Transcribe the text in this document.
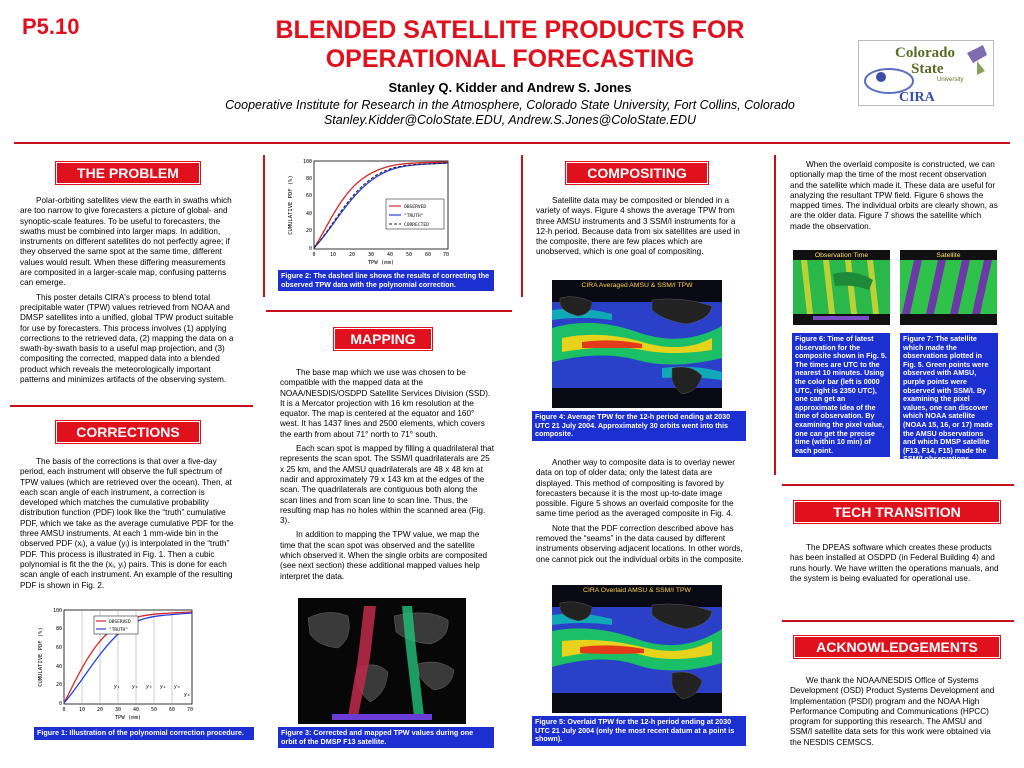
P5.10	BLENDED SATELLITE PRODUCTS FOR
OPERATIONAL FORECASTING
Stanley Q. Kidder and Andrew S. Jones
Cooperative Institute for Research in the Atmosphere, Colorado State University, Fort Collins, Colorado
Stanley.Kidder@ColoState.EDU, Andrew.S.Jones@ColoState.EDU
Colorado
State
University
CIRA
THE PROBLEM

Polar-orbiting satellites view the earth in swaths which are too narrow to give forecasters a picture of global- and synoptic-scale features. To be useful to forecasters, the swaths must be combined into larger maps. In addition, instruments on different satellites do not perfectly agree; if they observed the same spot at the same time, different values would result. When these differing measurements are composited in a larger-scale map, confusing patterns can emerge.

This poster details CIRA's process to blend total precipitable water (TPW) values retrieved from NOAA and DMSP satellites into a unified, global TPW product suitable for use by forecasters. This process involves (1) applying corrections to the retrieved data, (2) mapping the data on a swath-by-swath basis to a useful map projection, and (3) compositing the corrected, mapped data into a blended product which reveals the meteorologically important patterns and minimizes artifacts of the observing system.

CORRECTIONS

The basis of the corrections is that over a five-day period, each instrument will observe the full spectrum of TPW values (which are retrieved over the ocean). Then, at each scan angle of each instrument, a correction is developed which matches the cumulative probability distribution function (PDF) look like the “truth” cumulative PDF, which we take as the average cumulative PDF for the three AMSU instruments. At each 1 mm-wide bin in the observed PDF (xᵢ), a value (yᵢ) is interpolated in the “truth” PDF. This process is illustrated in Fig. 1. Then a cubic polynomial is fit the the (xᵢ, yᵢ) pairs. This is done for each scan angle of each instrument. An example of the resulting PDF is shown in Fig. 2.

OBSERVED
"TRUTH"
y₁ y₂ y₃ y₄ y₅
y₆
0
20
40
60
80
100
0	10 20 30 40 50 60 70
TPW (mm)
CUMULATIVE PDF (%)
Figure 1: Illustration of the polynomial correction procedure.
OBSERVED
"TRUTH"
CORRECTED
0
20
40
60
80
100
0	10	20	30	40	50	60 70
TPW (mm)
CUMULATIVE PDF (%)
Figure 2: The dashed line shows the results of correcting the observed TPW data with the polynomial correction.
MAPPING

The base map which we use was chosen to be compatible with the mapped data at the NOAA/NESDIS/OSDPD Satellite Services Division (SSD). It is a Mercator projection with 16 km resolution at the equator. The map is centered at the equator and 160° west. It has 1437 lines and 2500 elements, which covers the earth from about 71° north to 71° south.

Each scan spot is mapped by filling a quadrilateral that represents the scan spot. The SSM/I quadrilaterals are 25 x 25 km, and the AMSU quadrilaterals are 48 x 48 km at nadir and approximately 79 x 143 km at the edges of the scan. The quadrilaterals are contiguous both along the scan lines and from scan line to scan line. Thus, the resulting map has no holes within the scanned area (Fig. 3).

In addition to mapping the TPW value, we map the time that the scan spot was observed and the satellite which observed it. When the single orbits are composited (see next section) these additional mapped values help interpret the data.

Figure 3: Corrected and mapped TPW values during one orbit of the DMSP F13 satellite.
COMPOSITING

Satellite data may be composited or blended in a variety of ways. Figure 4 shows the average TPW from three AMSU instruments and 3 SSM/I instruments for a 12-h period. Because data from six satellites are used in the composite, there are few places which are unobserved, which is one goal of compositing.

CIRA Averaged AMSU & SSM/I TPW
Figure 4: Average TPW for the 12-h period ending at 2030 UTC 21 July 2004. Approximately 30 orbits went into this composite.

Another way to composite data is to overlay newer data on top of older data; only the latest data are displayed. This method of compositing is favored by forecasters because it is the most up-to-date image possible. Figure 5 shows an overlaid composite for the same time period as the averaged composite in Fig. 4.

Note that the PDF correction described above has removed the “seams” in the data caused by different instruments observing adjacent locations. In other words, one cannot pick out the individual orbits in the composite.

CIRA Overlaid AMSU & SSM/I TPW
Figure 5: Overlaid TPW for the 12-h period ending at 2030 UTC 21 July 2004 (only the most recent datum at a point is shown).

When the overlaid composite is constructed, we can optionally map the time of the most recent observation and the satellite which made it. These data are useful for analyzing the resultant TPW field. Figure 6 shows the mapped times. The individual orbits are clearly shown, as are the older data. Figure 7 shows the satellite which made the observation.

Observation Time	Satellite
Figure 6: Time of latest observation for the composite shown in Fig. 5. The times are UTC to the nearest 10 minutes. Using the color bar (left is 0000 UTC, right is 2350 UTC), one can get an approximate idea of the time of observation. By examining the pixel value, one can get the precise time (within 10 min) of each point.
Figure 7: The satellite which made the observations plotted in Fig. 5. Green points were observed with AMSU, purple points were observed with SSM/I. By examining the pixel values, one can discover which NOAA satellite (NOAA 15, 16, or 17) made the AMSU observations and which DMSP satellite (F13, F14, F15) made the SSM/I observations.
TECH TRANSITION

The DPEAS software which creates these products has been installed at OSDPD (in Federal Building 4) and runs hourly. We have written the operations manuals, and the system is being evaluated for operational use.

ACKNOWLEDGEMENTS

We thank the NOAA/NESDIS Office of Systems Development (OSD) Product Systems Development and Implementation (PSDI) program and the NOAA High Performance Computing and Communications (HPCC) program for supporting this research. The AMSU and SSM/I satellite data sets for this work were obtained via the NESDIS CEMSCS.
